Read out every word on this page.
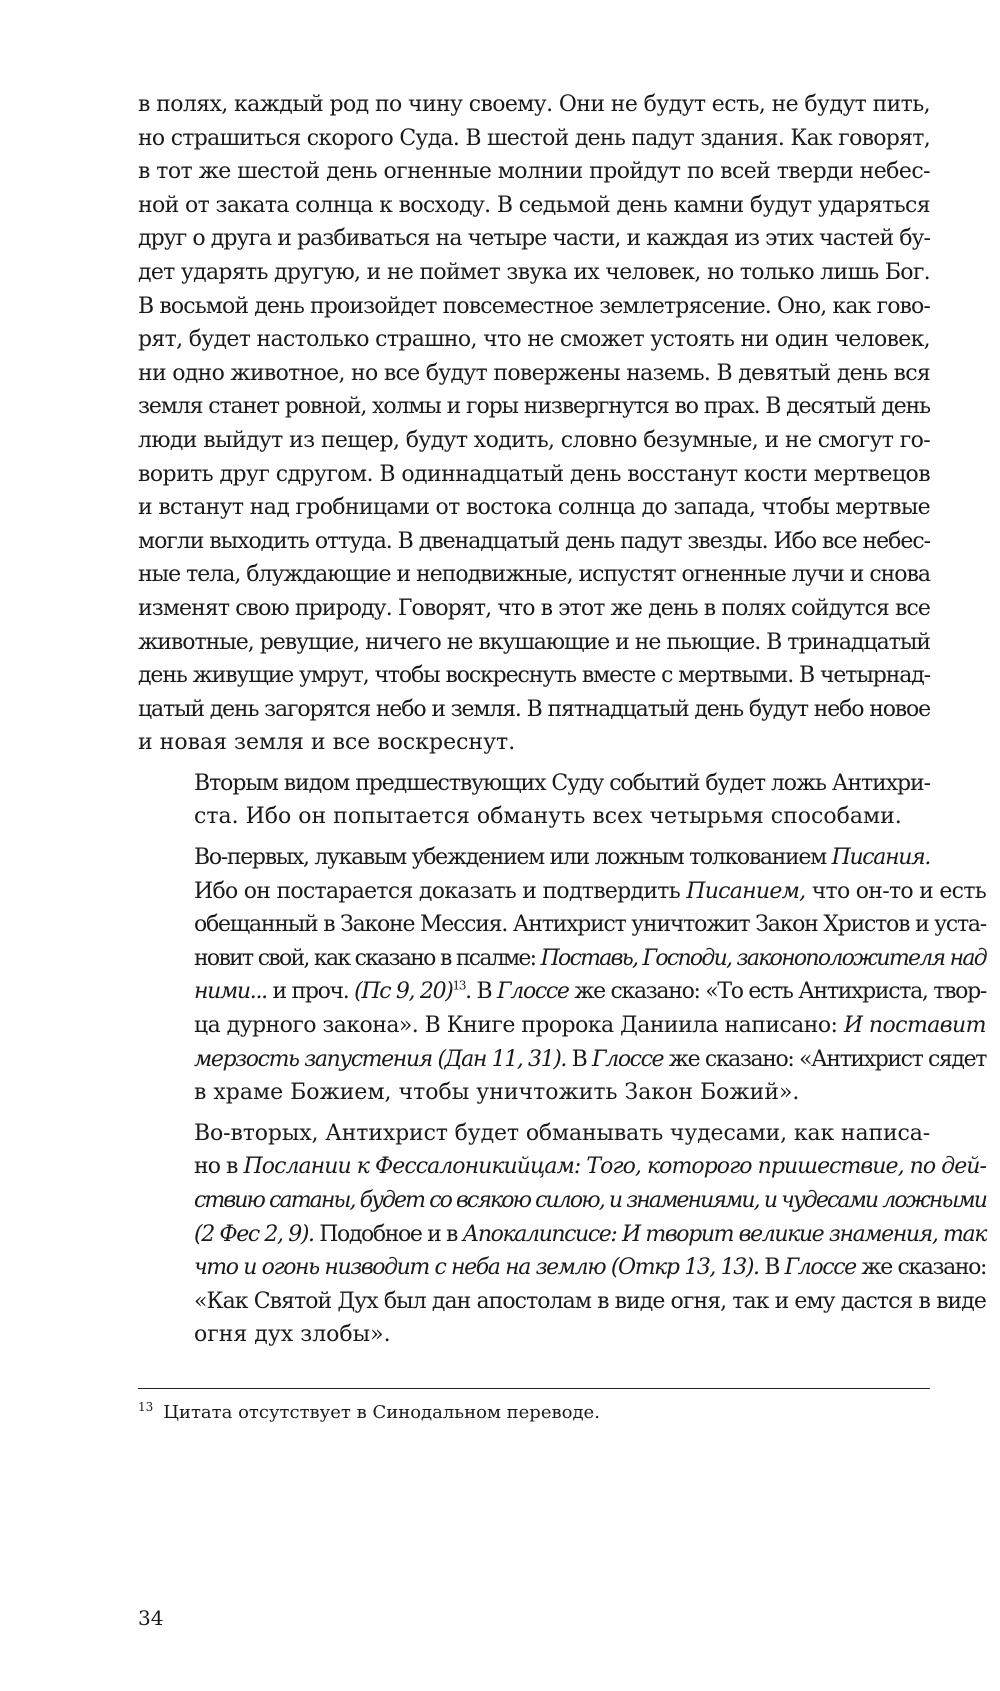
в полях, каждый род по чину своему. Они не будут есть, не будут пить,
но страшиться скорого Суда. В шестой день падут здания. Как говорят,
в тот же шестой день огненные молнии пройдут по всей тверди небес-
ной от заката солнца к восходу. В седьмой день камни будут ударяться
друг о друга и разбиваться на четыре части, и каждая из этих частей бу-
дет ударять другую, и не поймет звука их человек, но только лишь Бог.
В восьмой день произойдет повсеместное землетрясение. Оно, как гово-
рят, будет настолько страшно, что не сможет устоять ни один человек,
ни одно животное, но все будут повержены наземь. В девятый день вся
земля станет ровной, холмы и горы низвергнутся во прах. В десятый день
люди выйдут из пещер, будут ходить, словно безумные, и не смогут го-
ворить друг сдругом. В одиннадцатый день восстанут кости мертвецов
и встанут над гробницами от востока солнца до запада, чтобы мертвые
могли выходить оттуда. В двенадцатый день падут звезды. Ибо все небес-
ные тела, блуждающие и неподвижные, испустят огненные лучи и снова
изменят свою природу. Говорят, что в этот же день в полях сойдутся все
животные, ревущие, ничего не вкушающие и не пьющие. В тринадцатый
день живущие умрут, чтобы воскреснуть вместе с мертвыми. В четырнад-
цатый день загорятся небо и земля. В пятнадцатый день будут небо новое
и новая земля и все воскреснут.

Вторым видом предшествующих Суду событий будет ложь Антихри-
ста. Ибо он попытается обмануть всех четырьмя способами.

Во-первых, лукавым убеждением или ложным толкованием Писания.
Ибо он постарается доказать и подтвердить Писанием, что он-то и есть
обещанный в Законе Мессия. Антихрист уничтожит Закон Христов и уста-
новит свой, как сказано в псалме: Поставь, Господи, законоположителя над
ними... и проч. (Пс 9, 20)$^{13}$. В Глоссе же сказано: «То есть Антихриста, твор-
ца дурного закона». В Книге пророка Даниила написано: И поставит
мерзость запустения (Дан 11, 31). В Глоссе же сказано: «Антихрист сядет
в храме Божием, чтобы уничтожить Закон Божий».

Во-вторых, Антихрист будет обманывать чудесами, как написа-
но в Послании к Фессалоникийцам: Того, которого пришествие, по дей-
ствию сатаны, будет со всякою силою, и знамениями, и чудесами ложными
(2 Фес 2, 9). Подобное и в Апокалипсисе: И творит великие знамения, так
что и огонь низводит с неба на землю (Откр 13, 13). В Глоссе же сказано:
«Как Святой Дух был дан апостолам в виде огня, так и ему дастся в виде
огня дух злобы».

$^{13}$ Цитата отсутствует в Синодальном переводе.
34
